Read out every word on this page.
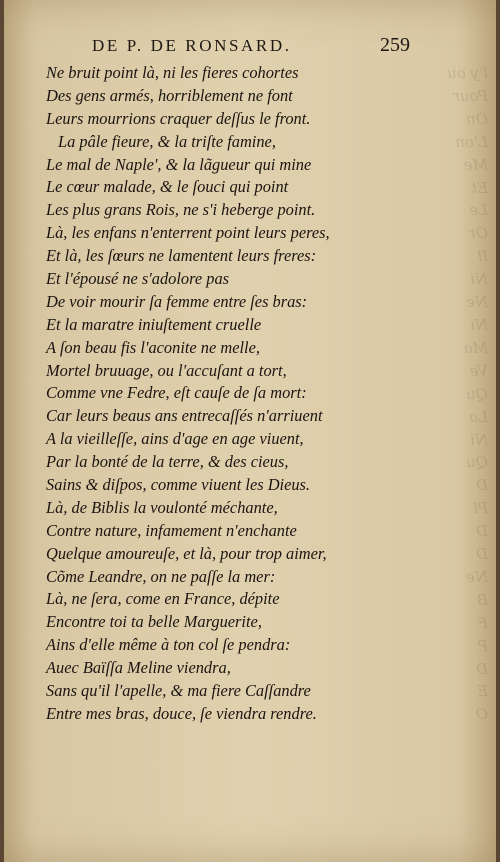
l'y ou
Pour
On
L'on
Me
Et
Le
Or
Il
Ni
Ne
Ni
Ma
Ve
Qu
La
Ni
Qu
D
Pl
D
D
Ne
B
F
P
D
E
O
DE P. DE RONSARD.	259
Ne bruit point là, ni les fieres cohortes
Des gens armés, horriblement ne font
Leurs mourrions craquer deſſus le front.
La pâle fieure, & la triſte famine,
Le mal de Naple', & la lãgueur qui mine
Le cœur malade, & le ſouci qui point
Les plus grans Rois, ne s'i heberge point.
Là, les enfans n'enterrent point leurs peres,
Et là, les ſœurs ne lamentent leurs freres:
Et l'épousé ne s'adolore pas
De voir mourir ſa femme entre ſes bras:
Et la maratre iniuſtement cruelle
A ſon beau fis l'aconite ne melle,
Mortel bruuage, ou l'accuſant a tort,
Comme vne Fedre, eſt cauſe de ſa mort:
Car leurs beaus ans entrecaſſés n'arriuent
A la vieilleſſe, ains d'age en age viuent,
Par la bonté de la terre, & des cieus,
Sains & diſpos, comme viuent les Dieus.
Là, de Biblis la voulonté méchante,
Contre nature, infamement n'enchante
Quelque amoureuſe, et là, pour trop aimer,
Cõme Leandre, on ne paſſe la mer:
Là, ne ſera, come en France, dépite
Encontre toi ta belle Marguerite,
Ains d'elle même à ton col ſe pendra:
Auec Baïſſa Meline viendra,
Sans qu'il l'apelle, & ma fiere Caſſandre
Entre mes bras, douce, ſe viendra rendre.
